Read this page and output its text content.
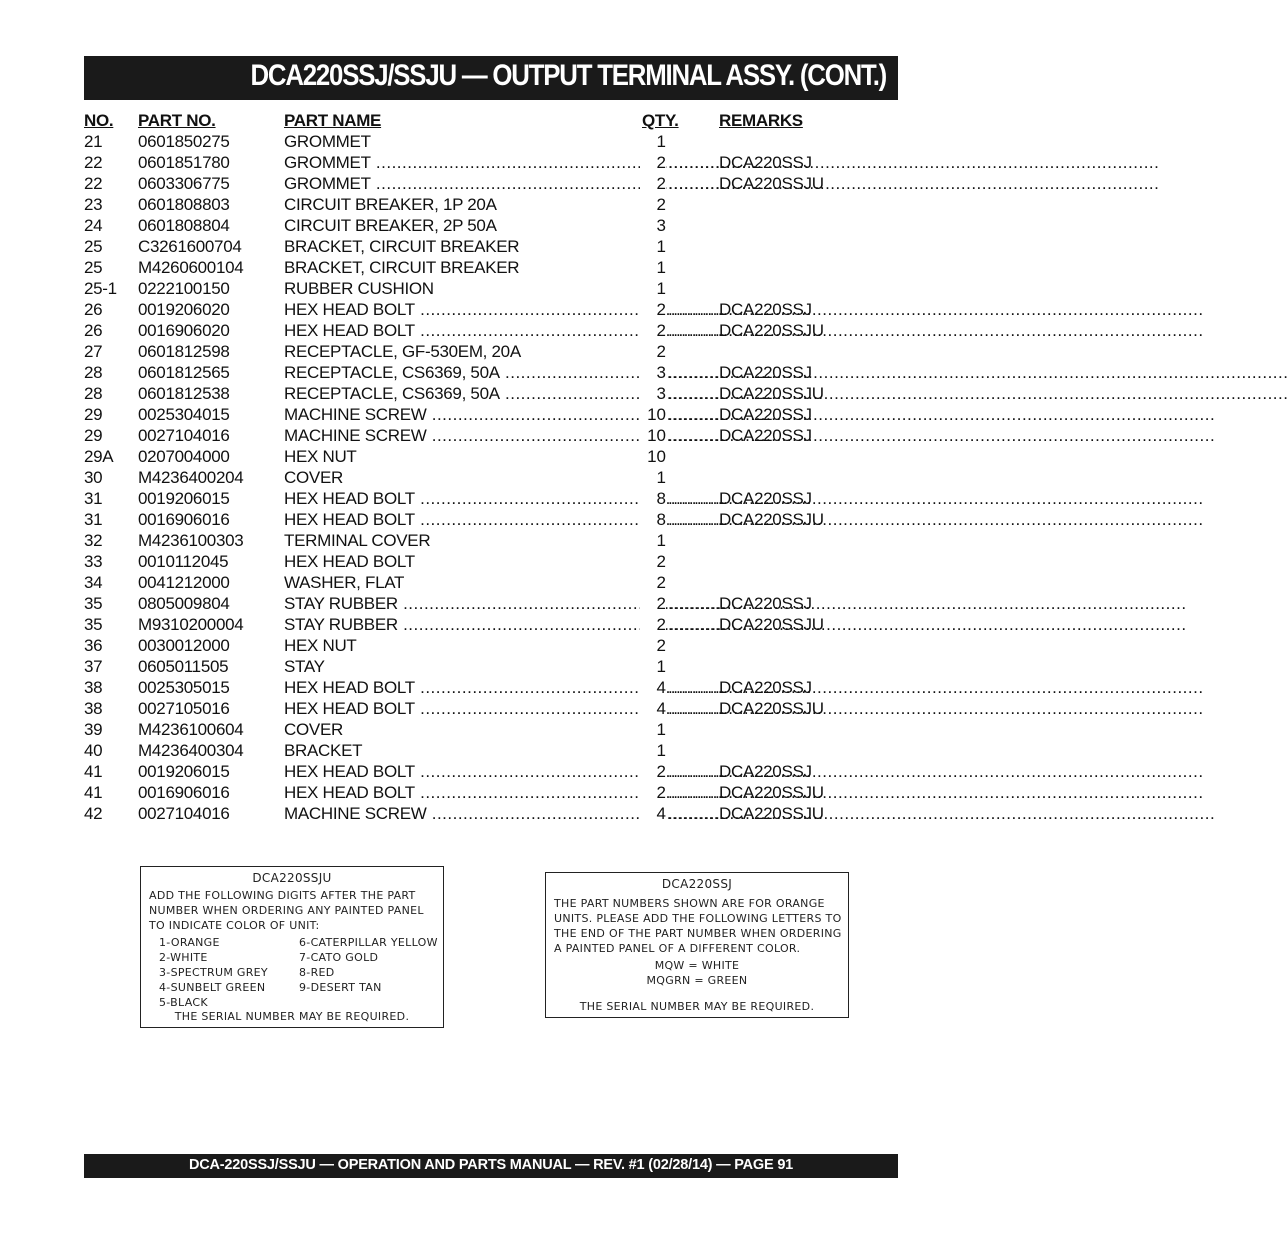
DCA220SSJ/SSJU — OUTPUT TERMINAL ASSY. (CONT.)
NO. PART NO.	PART NAME	QTY. REMARKS
21 0601850275	GROMMET	1
22 0601851780	GROMMET .....	2	DCA220SSJ
...........
22 0603306775	GROMMET .....	2	DCA220SSJU
...........
23 0601808803	CIRCUIT BREAKER, 1P 20A	2
24 0601808804	CIRCUIT BREAKER, 2P 50A	3
25 C3261600704 BRACKET, CIRCUIT BREAKER	1
25 M4260600104 BRACKET, CIRCUIT BREAKER	1
25-1 0222100150	RUBBER CUSHION	1
26 0019206020	HEX HEAD BOLT .....	2	DCA220SSJ
...........
26 0016906020	HEX HEAD BOLT .....	2	DCA220SSJU
...........
27 0601812598	RECEPTACLE, GF-530EM, 20A	2
28 0601812565	RECEPTACLE, CS6369, 50A .....	3	DCA220SSJ
...........
28 0601812538	RECEPTACLE, CS6369, 50A .....	3	DCA220SSJU
...........
29 0025304015	MACHINE SCREW .....	10	DCA220SSJ
...........
29 0027104016	MACHINE SCREW .....	10	DCA220SSJ
...........
29A 0207004000	HEX NUT	10
30 M4236400204 COVER	1
31 0019206015	HEX HEAD BOLT .....	8	DCA220SSJ
...........
31 0016906016	HEX HEAD BOLT .....	8	DCA220SSJU
...........
32 M4236100303 TERMINAL COVER	1
33 0010112045	HEX HEAD BOLT	2
34 0041212000	WASHER, FLAT	2
35 0805009804	STAY RUBBER .....	2	DCA220SSJ
...........
35 M9310200004 STAY RUBBER .....	2	DCA220SSJU
...........
36 0030012000	HEX NUT	2
37 0605011505	STAY	1
38 0025305015	HEX HEAD BOLT .....	4	DCA220SSJ
...........
38 0027105016	HEX HEAD BOLT .....	4	DCA220SSJU
...........
39 M4236100604 COVER	1
40 M4236400304 BRACKET	1
41 0019206015	HEX HEAD BOLT .....	2	DCA220SSJ
...........
41 0016906016	HEX HEAD BOLT .....	2	DCA220SSJU
...........
42 0027104016	MACHINE SCREW .....	4	DCA220SSJU
...........
DCA220SSJU

ADD THE FOLLOWING DIGITS AFTER THE PART NUMBER WHEN ORDERING ANY PAINTED PANEL TO INDICATE COLOR OF UNIT:

1-ORANGE
2-WHITE
3-SPECTRUM GREY
4-SUNBELT GREEN
5-BLACK
6-CATERPILLAR YELLOW
7-CATO GOLD
8-RED
9-DESERT TAN

THE SERIAL NUMBER MAY BE REQUIRED.

DCA220SSJ

THE PART NUMBERS SHOWN ARE FOR ORANGE UNITS. PLEASE ADD THE FOLLOWING LETTERS TO THE END OF THE PART NUMBER WHEN ORDERING A PAINTED PANEL OF A DIFFERENT COLOR.

MQW = WHITE
MQGRN = GREEN

THE SERIAL NUMBER MAY BE REQUIRED.

DCA-220SSJ/SSJU — OPERATION AND PARTS MANUAL — REV. #1 (02/28/14) — PAGE 91
